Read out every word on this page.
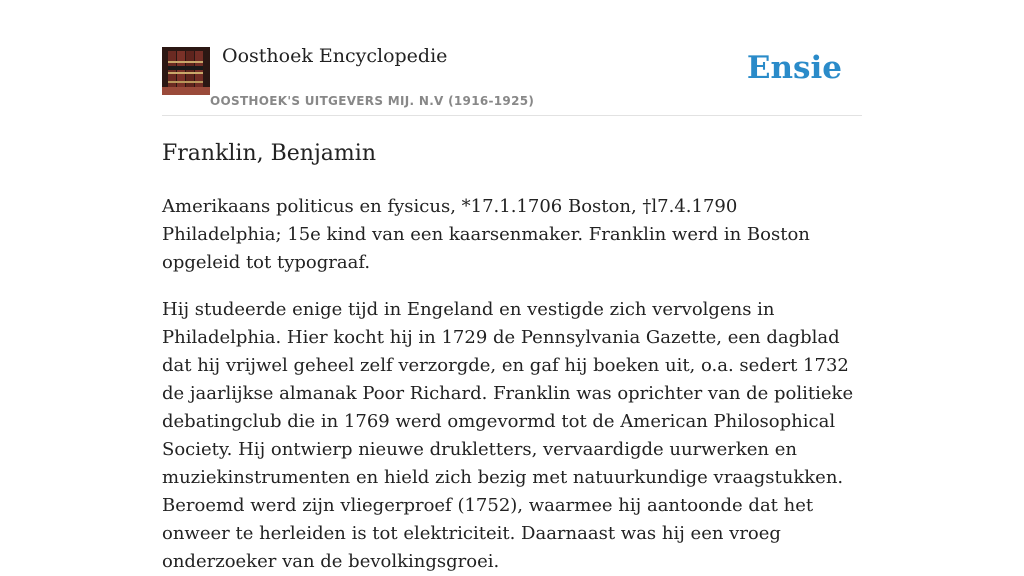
Oosthoek Encyclopedie
OOSTHOEK'S UITGEVERS MIJ. N.V (1916-1925)
Ensie
Franklin, Benjamin

Amerikaans politicus en fysicus, *17.1.1706 Boston, †l7.4.1790 Philadelphia; 15e kind van een kaarsenmaker. Franklin werd in Boston opgeleid tot typograaf.

Hij studeerde enige tijd in Engeland en vestigde zich vervolgens in Philadelphia. Hier kocht hij in 1729 de Pennsylvania Gazette, een dagblad dat hij vrijwel geheel zelf verzorgde, en gaf hij boeken uit, o.a. sedert 1732 de jaarlijkse almanak Poor Richard. Franklin was oprichter van de politieke debatingclub die in 1769 werd omgevormd tot de American Philosophical Society. Hij ontwierp nieuwe drukletters, vervaardigde uurwerken en muziekinstrumenten en hield zich bezig met natuurkundige vraagstukken. Beroemd werd zijn vliegerproef (1752), waarmee hij aantoonde dat het onweer te herleiden is tot elektriciteit. Daarnaast was hij een vroeg onderzoeker van de bevolkingsgroei.
